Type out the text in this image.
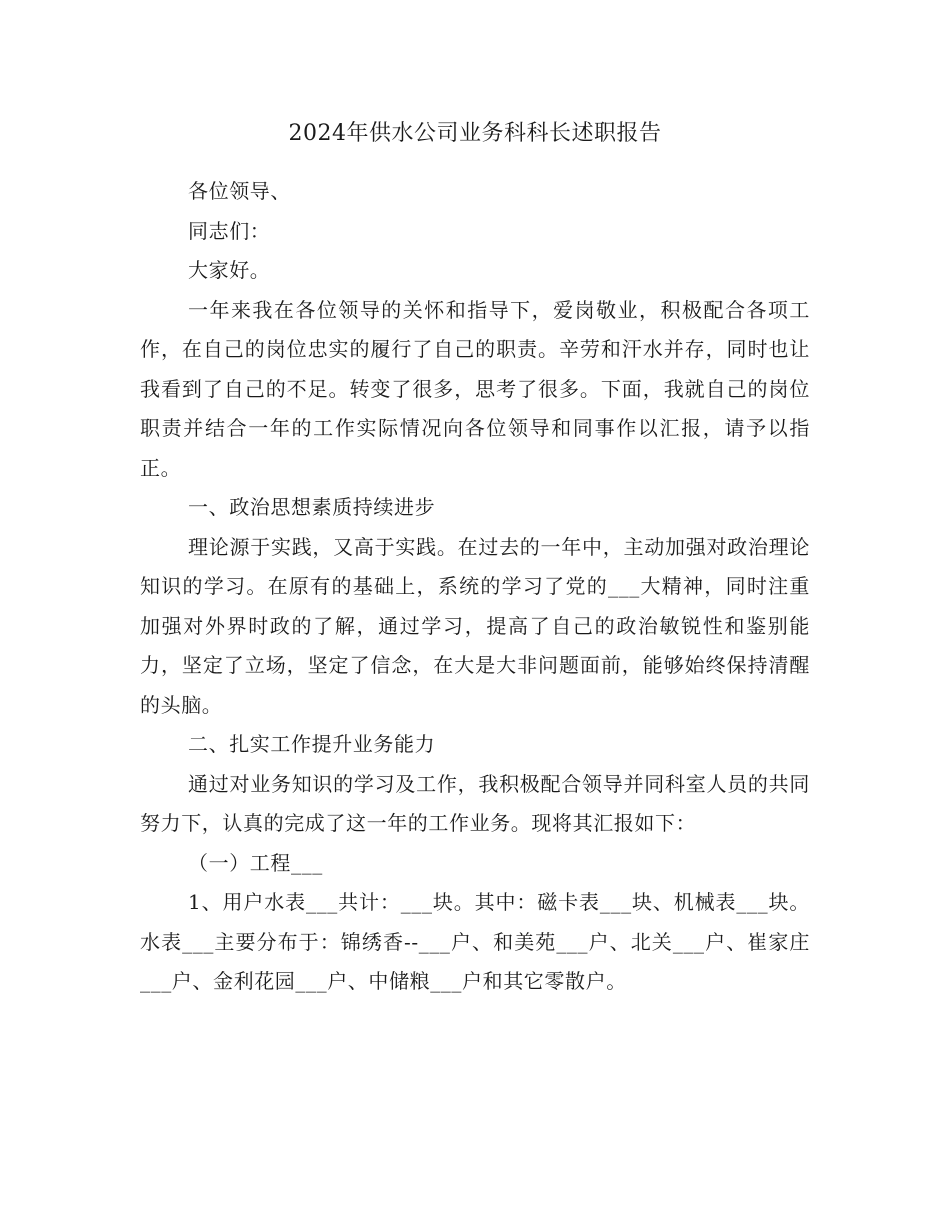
2024年供水公司业务科科长述职报告

各位领导、

同志们：

大家好。

一年来我在各位领导的关怀和指导下，爱岗敬业，积极配合各项工作，在自己的岗位忠实的履行了自己的职责。辛劳和汗水并存，同时也让我看到了自己的不足。转变了很多，思考了很多。下面，我就自己的岗位职责并结合一年的工作实际情况向各位领导和同事作以汇报，请予以指正。

一、政治思想素质持续进步

理论源于实践，又高于实践。在过去的一年中，主动加强对政治理论知识的学习。在原有的基础上，系统的学习了党的___大精神，同时注重加强对外界时政的了解，通过学习，提高了自己的政治敏锐性和鉴别能力，坚定了立场，坚定了信念，在大是大非问题面前，能够始终保持清醒的头脑。

二、扎实工作提升业务能力

通过对业务知识的学习及工作，我积极配合领导并同科室人员的共同努力下，认真的完成了这一年的工作业务。现将其汇报如下：

（一）工程___

1、用户水表___共计：___块。其中：磁卡表___块、机械表___块。水表___主要分布于：锦绣香--___户、和美苑___户、北关___户、崔家庄___户、金利花园___户、中储粮___户和其它零散户。
